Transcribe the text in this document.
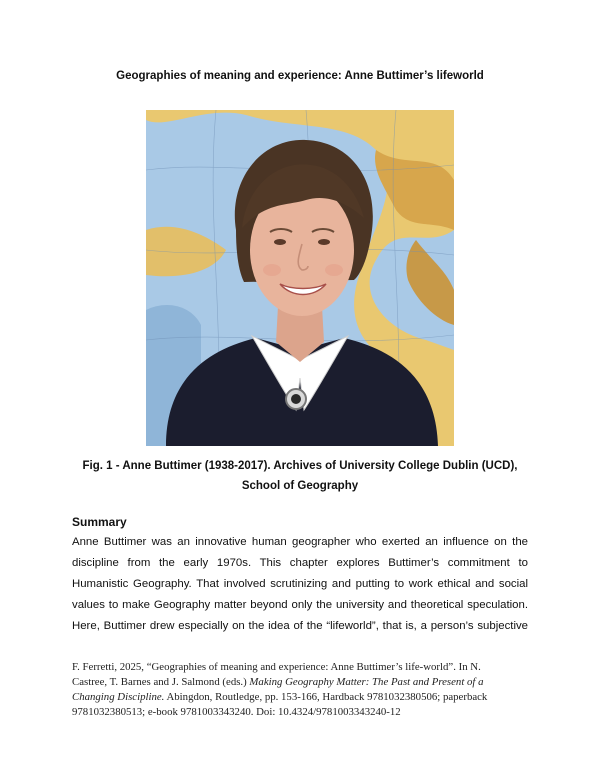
Geographies of meaning and experience: Anne Buttimer’s lifeworld
Fig. 1 - Anne Buttimer (1938-2017). Archives of University College Dublin (UCD),
School of Geography
Summary
Anne Buttimer was an innovative human geographer who exerted an influence on the
discipline from the early 1970s. This chapter explores Buttimer’s commitment to
Humanistic Geography. That involved scrutinizing and putting to work ethical and social
values to make Geography matter beyond only the university and theoretical speculation.
Here, Buttimer drew especially on the idea of the “lifeworld”, that is, a person’s subjective
F. Ferretti, 2025, “Geographies of meaning and experience: Anne Buttimer’s life-world”. In N.
Castree, T. Barnes and J. Salmond (eds.) Making Geography Matter: The Past and Present of a
Changing Discipline. Abingdon, Routledge, pp. 153-166, Hardback 9781032380506; paperback
9781032380513; e-book 9781003343240. Doi: 10.4324/9781003343240-12
